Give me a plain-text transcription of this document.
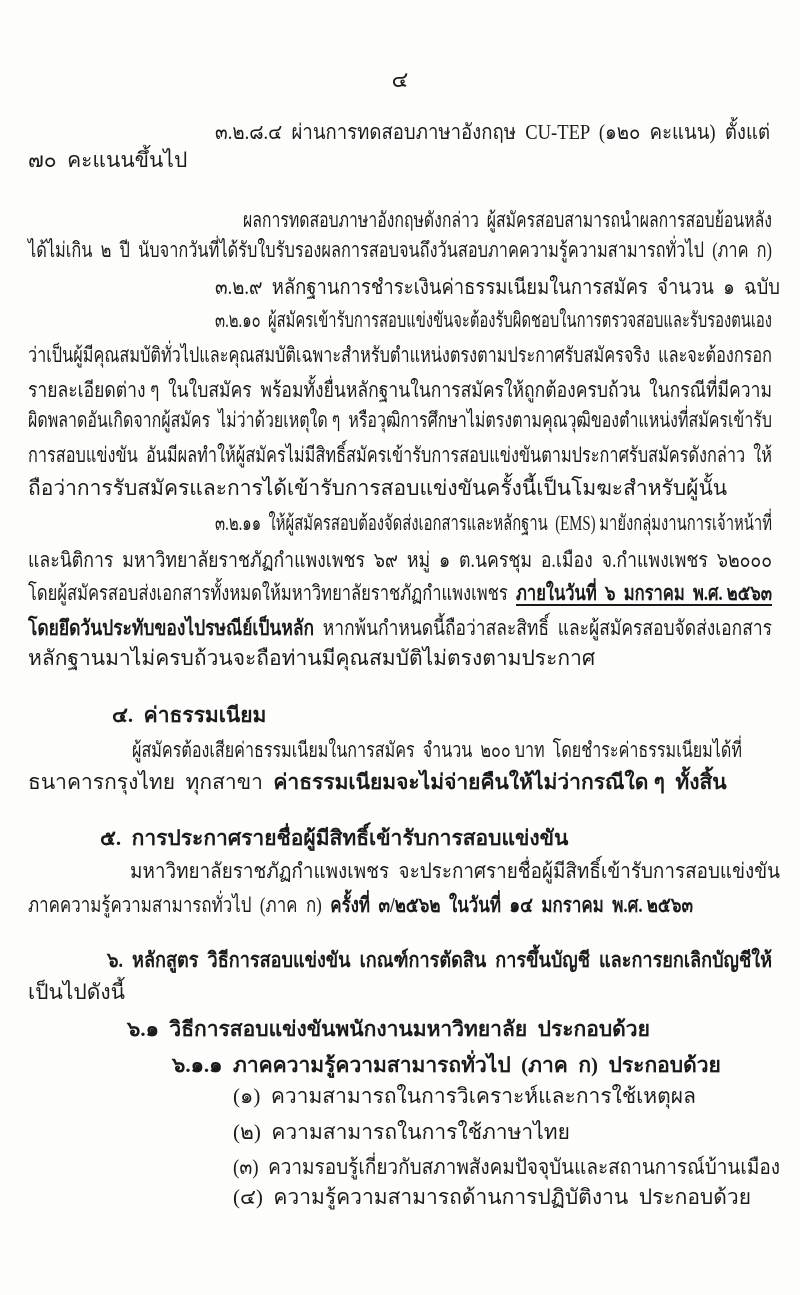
๔
๓.๒.๘.๔  ผ่านการทดสอบภาษาอังกฤษ  CU-TEP  (๑๒๐  คะแนน)  ตั้งแต่
๗๐  คะแนนขึ้นไป
ผลการทดสอบภาษาอังกฤษดังกล่าว  ผู้สมัครสอบสามารถนำผลการสอบย้อนหลัง
ได้ไม่เกิน  ๒  ปี  นับจากวันที่ได้รับใบรับรองผลการสอบจนถึงวันสอบภาคความรู้ความสามารถทั่วไป  (ภาค  ก)
๓.๒.๙  หลักฐานการชำระเงินค่าธรรมเนียมในการสมัคร  จำนวน  ๑  ฉบับ
๓.๒.๑๐  ผู้สมัครเข้ารับการสอบแข่งขันจะต้องรับผิดชอบในการตรวจสอบและรับรองตนเอง
ว่าเป็นผู้มีคุณสมบัติทั่วไปและคุณสมบัติเฉพาะสำหรับตำแหน่งตรงตามประกาศรับสมัครจริง  และจะต้องกรอก
รายละเอียดต่าง ๆ  ในใบสมัคร  พร้อมทั้งยื่นหลักฐานในการสมัครให้ถูกต้องครบถ้วน  ในกรณีที่มีความ
ผิดพลาดอันเกิดจากผู้สมัคร  ไม่ว่าด้วยเหตุใด ๆ  หรือวุฒิการศึกษาไม่ตรงตามคุณวุฒิของตำแหน่งที่สมัครเข้ารับ
การสอบแข่งขัน  อันมีผลทำให้ผู้สมัครไม่มีสิทธิ์สมัครเข้ารับการสอบแข่งขันตามประกาศรับสมัครดังกล่าว  ให้
ถือว่าการรับสมัครและการได้เข้ารับการสอบแข่งขันครั้งนี้เป็นโมฆะสำหรับผู้นั้น
๓.๒.๑๑  ให้ผู้สมัครสอบต้องจัดส่งเอกสารและหลักฐาน  (EMS) มายังกลุ่มงานการเจ้าหน้าที่
และนิติการ  มหาวิทยาลัยราชภัฏกำแพงเพชร  ๖๙  หมู่  ๑  ต.นครชุม  อ.เมือง  จ.กำแพงเพชร  ๖๒๐๐๐
โดยผู้สมัครสอบส่งเอกสารทั้งหมดให้มหาวิทยาลัยราชภัฏกำแพงเพชร  ภายในวันที่  ๖  มกราคม  พ.ศ. ๒๕๖๓
โดยยึดวันประทับของไปรษณีย์เป็นหลัก  หากพ้นกำหนดนี้ถือว่าสละสิทธิ์  และผู้สมัครสอบจัดส่งเอกสาร
หลักฐานมาไม่ครบถ้วนจะถือท่านมีคุณสมบัติไม่ตรงตามประกาศ
๔.  ค่าธรรมเนียม
ผู้สมัครต้องเสียค่าธรรมเนียมในการสมัคร  จำนวน  ๒๐๐ บาท  โดยชำระค่าธรรมเนียมได้ที่
ธนาคารกรุงไทย  ทุกสาขา  ค่าธรรมเนียมจะไม่จ่ายคืนให้ไม่ว่ากรณีใด ๆ  ทั้งสิ้น
๕.  การประกาศรายชื่อผู้มีสิทธิ์เข้ารับการสอบแข่งขัน
มหาวิทยาลัยราชภัฏกำแพงเพชร  จะประกาศรายชื่อผู้มีสิทธิ์เข้ารับการสอบแข่งขัน
ภาคความรู้ความสามารถทั่วไป  (ภาค  ก)  ครั้งที่  ๓/๒๕๖๒  ในวันที่  ๑๔  มกราคม  พ.ศ. ๒๕๖๓
๖.  หลักสูตร  วิธีการสอบแข่งขัน  เกณฑ์การตัดสิน  การขึ้นบัญชี  และการยกเลิกบัญชีให้
เป็นไปดังนี้
๖.๑  วิธีการสอบแข่งขันพนักงานมหาวิทยาลัย  ประกอบด้วย
๖.๑.๑  ภาคความรู้ความสามารถทั่วไป  (ภาค  ก)  ประกอบด้วย
(๑)  ความสามารถในการวิเคราะห์และการใช้เหตุผล
(๒)  ความสามารถในการใช้ภาษาไทย
(๓)  ความรอบรู้เกี่ยวกับสภาพสังคมปัจจุบันและสถานการณ์บ้านเมือง
(๔)  ความรู้ความสามารถด้านการปฏิบัติงาน  ประกอบด้วย
